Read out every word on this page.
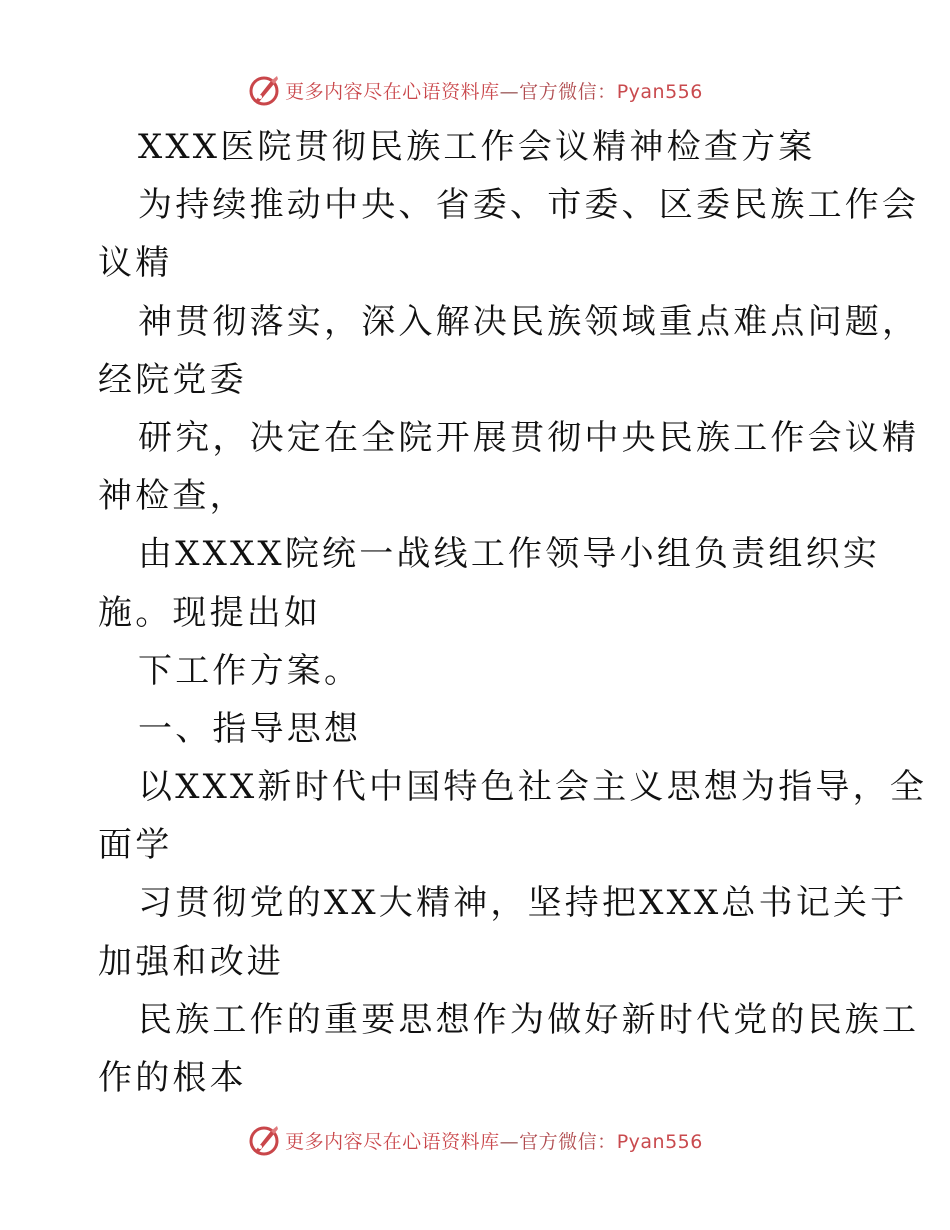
更多内容尽在心语资料库—官方微信：Pyan556
XXX医院贯彻民族工作会议精神检查方案
为持续推动中央、省委、市委、区委民族工作会
议精
神贯彻落实，深入解决民族领域重点难点问题，
经院党委
研究，决定在全院开展贯彻中央民族工作会议精
神检查，
由XXXX院统一战线工作领导小组负责组织实
施。现提出如
下工作方案。
一、指导思想
以XXX新时代中国特色社会主义思想为指导，全
面学
习贯彻党的XX大精神，坚持把XXX总书记关于
加强和改进
民族工作的重要思想作为做好新时代党的民族工
作的根本
更多内容尽在心语资料库—官方微信：Pyan556
